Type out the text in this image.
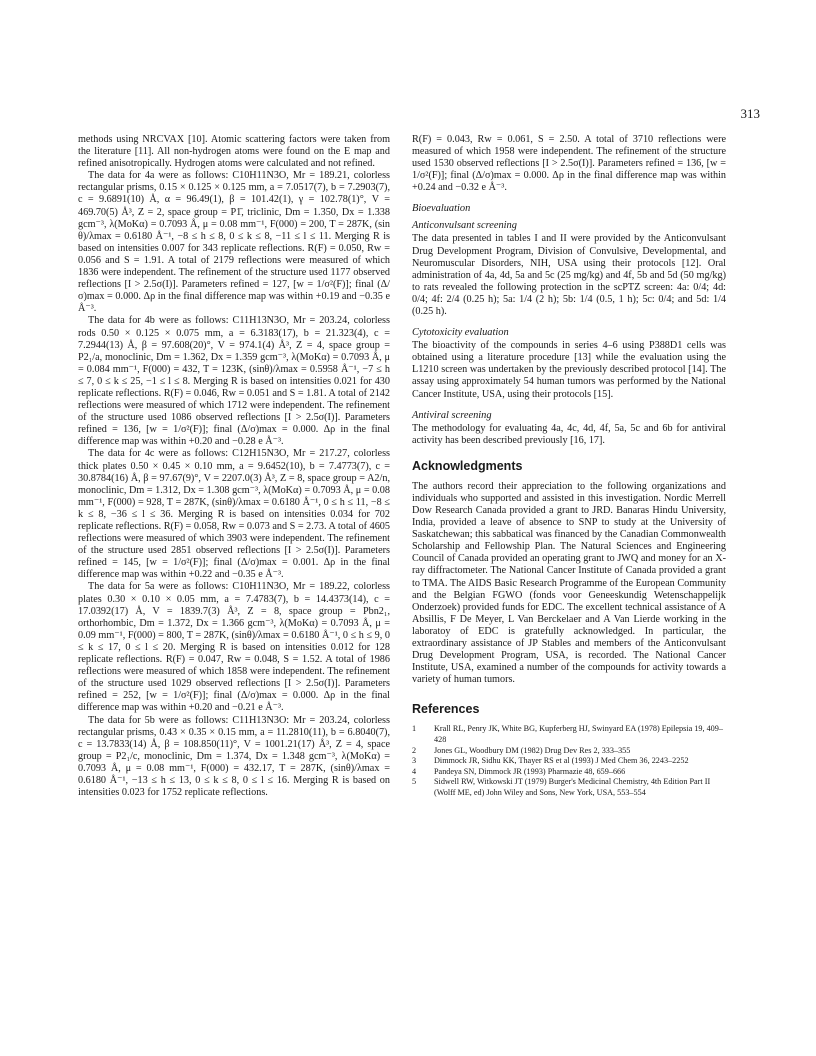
313

methods using NRCVAX [10]. Atomic scattering factors were taken from the literature [11]. All non-hydrogen atoms were found on the E map and refined anisotropically. Hydrogen atoms were calculated and not refined.

The data for 4a were as follows: C10H11N3O, Mr = 189.21, colorless rectangular prisms, 0.15 × 0.125 × 0.125 mm, a = 7.0517(7), b = 7.2903(7), c = 9.6891(10) Å, α = 96.49(1), β = 101.42(1), γ = 102.78(1)°, V = 469.70(5) Å³, Z = 2, space group = P1̄, triclinic, Dm = 1.350, Dx = 1.338 gcm⁻³, λ(MoKα) = 0.7093 Å, μ = 0.08 mm⁻¹, F(000) = 200, T = 287K, (sin θ)/λmax = 0.6180 Å⁻¹, −8 ≤ h ≤ 8, 0 ≤ k ≤ 8, −11 ≤ l ≤ 11. Merging R is based on intensities 0.007 for 343 replicate reflections. R(F) = 0.050, Rw = 0.056 and S = 1.91. A total of 2179 reflections were measured of which 1836 were independent. The refinement of the structure used 1177 observed reflections [I > 2.5σ(I)]. Parameters refined = 127, [w = 1/σ²(F)]; final (Δ/σ)max = 0.000. Δρ in the final difference map was within +0.19 and −0.35 e Å⁻³.

The data for 4b were as follows: C11H13N3O, Mr = 203.24, colorless rods 0.50 × 0.125 × 0.075 mm, a = 6.3183(17), b = 21.323(4), c = 7.2944(13) Å, β = 97.608(20)°, V = 974.1(4) Å³, Z = 4, space group = P2₁/a, monoclinic, Dm = 1.362, Dx = 1.359 gcm⁻³, λ(MoKα) = 0.7093 Å, μ = 0.084 mm⁻¹, F(000) = 432, T = 123K, (sinθ)/λmax = 0.5958 Å⁻¹, −7 ≤ h ≤ 7, 0 ≤ k ≤ 25, −1 ≤ l ≤ 8. Merging R is based on intensities 0.021 for 430 replicate reflections. R(F) = 0.046, Rw = 0.051 and S = 1.81. A total of 2142 reflections were measured of which 1712 were independent. The refinement of the structure used 1086 observed reflections [I > 2.5σ(I)]. Parameters refined = 136, [w = 1/σ²(F)]; final (Δ/σ)max = 0.000. Δρ in the final difference map was within +0.20 and −0.28 e Å⁻³.

The data for 4c were as follows: C12H15N3O, Mr = 217.27, colorless thick plates 0.50 × 0.45 × 0.10 mm, a = 9.6452(10), b = 7.4773(7), c = 30.8784(16) Å, β = 97.67(9)°, V = 2207.0(3) Å³, Z = 8, space group = A2/n, monoclinic, Dm = 1.312, Dx = 1.308 gcm⁻³, λ(MoKα) = 0.7093 Å, μ = 0.08 mm⁻¹, F(000) = 928, T = 287K, (sinθ)/λmax = 0.6180 Å⁻¹, 0 ≤ h ≤ 11, −8 ≤ k ≤ 8, −36 ≤ l ≤ 36. Merging R is based on intensities 0.034 for 702 replicate reflections. R(F) = 0.058, Rw = 0.073 and S = 2.73. A total of 4605 reflections were measured of which 3903 were independent. The refinement of the structure used 2851 observed reflections [I > 2.5σ(I)]. Parameters refined = 145, [w = 1/σ²(F)]; final (Δ/σ)max = 0.001. Δρ in the final difference map was within +0.22 and −0.35 e Å⁻³.

The data for 5a were as follows: C10H11N3O, Mr = 189.22, colorless plates 0.30 × 0.10 × 0.05 mm, a = 7.4783(7), b = 14.4373(14), c = 17.0392(17) Å, V = 1839.7(3) Å³, Z = 8, space group = Pbn2₁, orthorhombic, Dm = 1.372, Dx = 1.366 gcm⁻³, λ(MoKα) = 0.7093 Å, μ = 0.09 mm⁻¹, F(000) = 800, T = 287K, (sinθ)/λmax = 0.6180 Å⁻¹, 0 ≤ h ≤ 9, 0 ≤ k ≤ 17, 0 ≤ l ≤ 20. Merging R is based on intensities 0.012 for 128 replicate reflections. R(F) = 0.047, Rw = 0.048, S = 1.52. A total of 1986 reflections were measured of which 1858 were independent. The refinement of the structure used 1029 observed reflections [I > 2.5σ(I)]. Parameters refined = 252, [w = 1/σ²(F)]; final (Δ/σ)max = 0.000. Δρ in the final difference map was within +0.20 and −0.21 e Å⁻³.

The data for 5b were as follows: C11H13N3O: Mr = 203.24, colorless rectangular prisms, 0.43 × 0.35 × 0.15 mm, a = 11.2810(11), b = 6.8040(7), c = 13.7833(14) Å, β = 108.850(11)°, V = 1001.21(17) Å³, Z = 4, space group = P2₁/c, monoclinic, Dm = 1.374, Dx = 1.348 gcm⁻³, λ(MoKα) = 0.7093 Å, μ = 0.08 mm⁻¹, F(000) = 432.17, T = 287K, (sinθ)/λmax = 0.6180 Å⁻¹, −13 ≤ h ≤ 13, 0 ≤ k ≤ 8, 0 ≤ l ≤ 16. Merging R is based on intensities 0.023 for 1752 replicate reflections.

R(F) = 0.043, Rw = 0.061, S = 2.50. A total of 3710 reflections were measured of which 1958 were independent. The refinement of the structure used 1530 observed reflections [I > 2.5σ(I)]. Parameters refined = 136, [w = 1/σ²(F)]; final (Δ/σ)max = 0.000. Δρ in the final difference map was within +0.24 and −0.32 e Å⁻³.

Bioevaluation
Anticonvulsant screening

The data presented in tables I and II were provided by the Anticonvulsant Drug Development Program, Division of Convulsive, Developmental, and Neuromuscular Disorders, NIH, USA using their protocols [12]. Oral administration of 4a, 4d, 5a and 5c (25 mg/kg) and 4f, 5b and 5d (50 mg/kg) to rats revealed the following protection in the scPTZ screen: 4a: 0/4; 4d: 0/4; 4f: 2/4 (0.25 h); 5a: 1/4 (2 h); 5b: 1/4 (0.5, 1 h); 5c: 0/4; and 5d: 1/4 (0.25 h).

Cytotoxicity evaluation

The bioactivity of the compounds in series 4–6 using P388D1 cells was obtained using a literature procedure [13] while the evaluation using the L1210 screen was undertaken by the previously described protocol [14]. The assay using approximately 54 human tumors was performed by the National Cancer Institute, USA, using their protocols [15].

Antiviral screening

The methodology for evaluating 4a, 4c, 4d, 4f, 5a, 5c and 6b for antiviral activity has been described previously [16, 17].

Acknowledgments

The authors record their appreciation to the following organizations and individuals who supported and assisted in this investigation. Nordic Merrell Dow Research Canada provided a grant to JRD. Banaras Hindu University, India, provided a leave of absence to SNP to study at the University of Saskatchewan; this sabbatical was financed by the Canadian Commonwealth Scholarship and Fellowship Plan. The Natural Sciences and Engineering Council of Canada provided an operating grant to JWQ and money for an X-ray diffractometer. The National Cancer Institute of Canada provided a grant to TMA. The AIDS Basic Research Programme of the European Community and the Belgian FGWO (fonds voor Geneeskundig Wetenschappelijk Onderzoek) provided funds for EDC. The excellent technical assistance of A Absillis, F De Meyer, L Van Berckelaer and A Van Lierde working in the laboratoy of EDC is gratefully acknowledged. In particular, the extraordinary assistance of JP Stables and members of the Anticonvulsant Drug Development Program, USA, is recorded. The National Cancer Institute, USA, examined a number of the compounds for activity towards a variety of human tumors.

References
1	Krall RL, Penry JK, White BG, Kupferberg HJ, Swinyard EA (1978) Epilepsia 19, 409–428
2	Jones GL, Woodbury DM (1982) Drug Dev Res 2, 333–355
3	Dimmock JR, Sidhu KK, Thayer RS et al (1993) J Med Chem 36, 2243–2252
4	Pandeya SN, Dimmock JR (1993) Pharmazie 48, 659–666
5	Sidwell RW, Witkowski JT (1979) Burger's Medicinal Chemistry, 4th Edition Part II (Wolff ME, ed) John Wiley and Sons, New York, USA, 553–554
